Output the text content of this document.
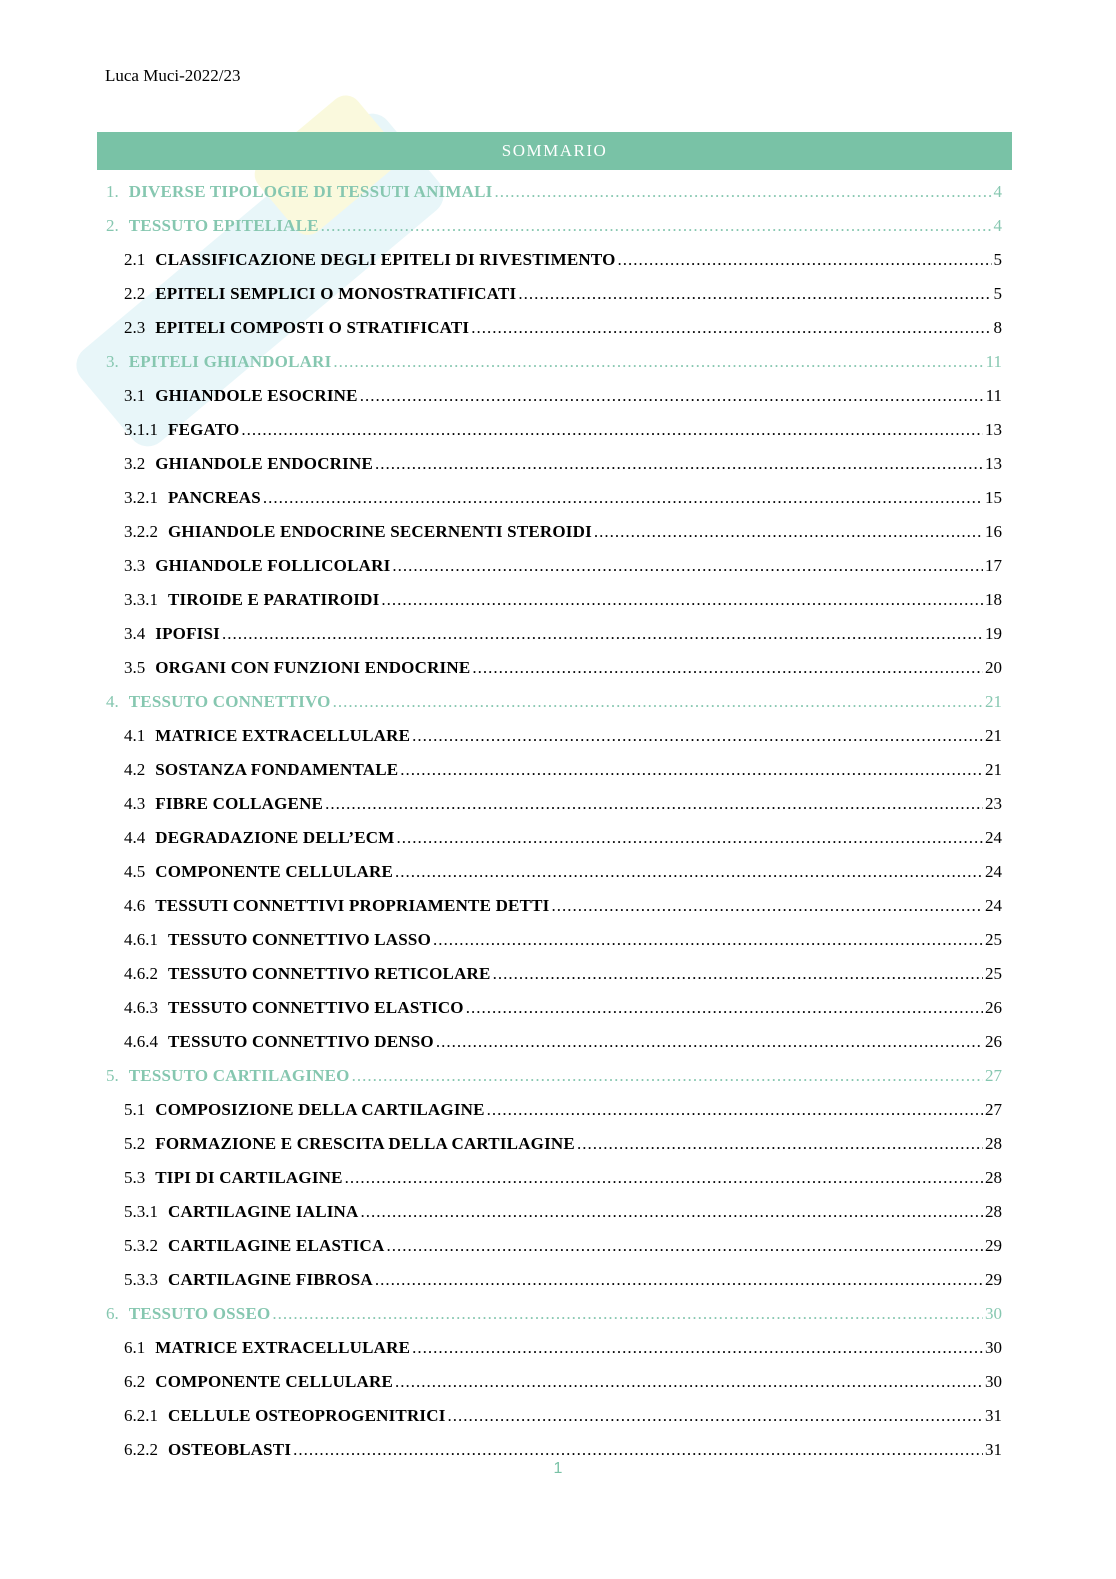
Luca Muci-2022/23
SOMMARIO
1. DIVERSE TIPOLOGIE DI TESSUTI ANIMALI .....	4
2. TESSUTO EPITELIALE .....	4
2.1 CLASSIFICAZIONE DEGLI EPITELI DI RIVESTIMENTO .....	5
2.2 EPITELI SEMPLICI O MONOSTRATIFICATI .....	5
2.3 EPITELI COMPOSTI O STRATIFICATI .....	8
3. EPITELI GHIANDOLARI .....	11
3.1 GHIANDOLE ESOCRINE .....	11
3.1.1 FEGATO .....	13
3.2 GHIANDOLE ENDOCRINE .....	13
3.2.1 PANCREAS .....	15
3.2.2 GHIANDOLE ENDOCRINE SECERNENTI STEROIDI .....	16
3.3 GHIANDOLE FOLLICOLARI .....	17
3.3.1 TIROIDE E PARATIROIDI .....	18
3.4 IPOFISI .....	19
3.5 ORGANI CON FUNZIONI ENDOCRINE .....	20
4. TESSUTO CONNETTIVO .....	21
4.1 MATRICE EXTRACELLULARE .....	21
4.2 SOSTANZA FONDAMENTALE .....	21
4.3 FIBRE COLLAGENE .....	23
4.4 DEGRADAZIONE DELL’ECM .....	24
4.5 COMPONENTE CELLULARE .....	24
4.6 TESSUTI CONNETTIVI PROPRIAMENTE DETTI .....	24
4.6.1 TESSUTO CONNETTIVO LASSO .....	25
4.6.2 TESSUTO CONNETTIVO RETICOLARE .....	25
4.6.3 TESSUTO CONNETTIVO ELASTICO .....	26
4.6.4 TESSUTO CONNETTIVO DENSO .....	26
5. TESSUTO CARTILAGINEO .....	27
5.1 COMPOSIZIONE DELLA CARTILAGINE .....	27
5.2 FORMAZIONE E CRESCITA DELLA CARTILAGINE .....	28
5.3 TIPI DI CARTILAGINE .....	28
5.3.1 CARTILAGINE IALINA .....	28
5.3.2 CARTILAGINE ELASTICA .....	29
5.3.3 CARTILAGINE FIBROSA .....	29
6. TESSUTO OSSEO .....	30
6.1 MATRICE EXTRACELLULARE .....	30
6.2 COMPONENTE CELLULARE .....	30
6.2.1 CELLULE OSTEOPROGENITRICI .....	31
6.2.2 OSTEOBLASTI .....	31
1
